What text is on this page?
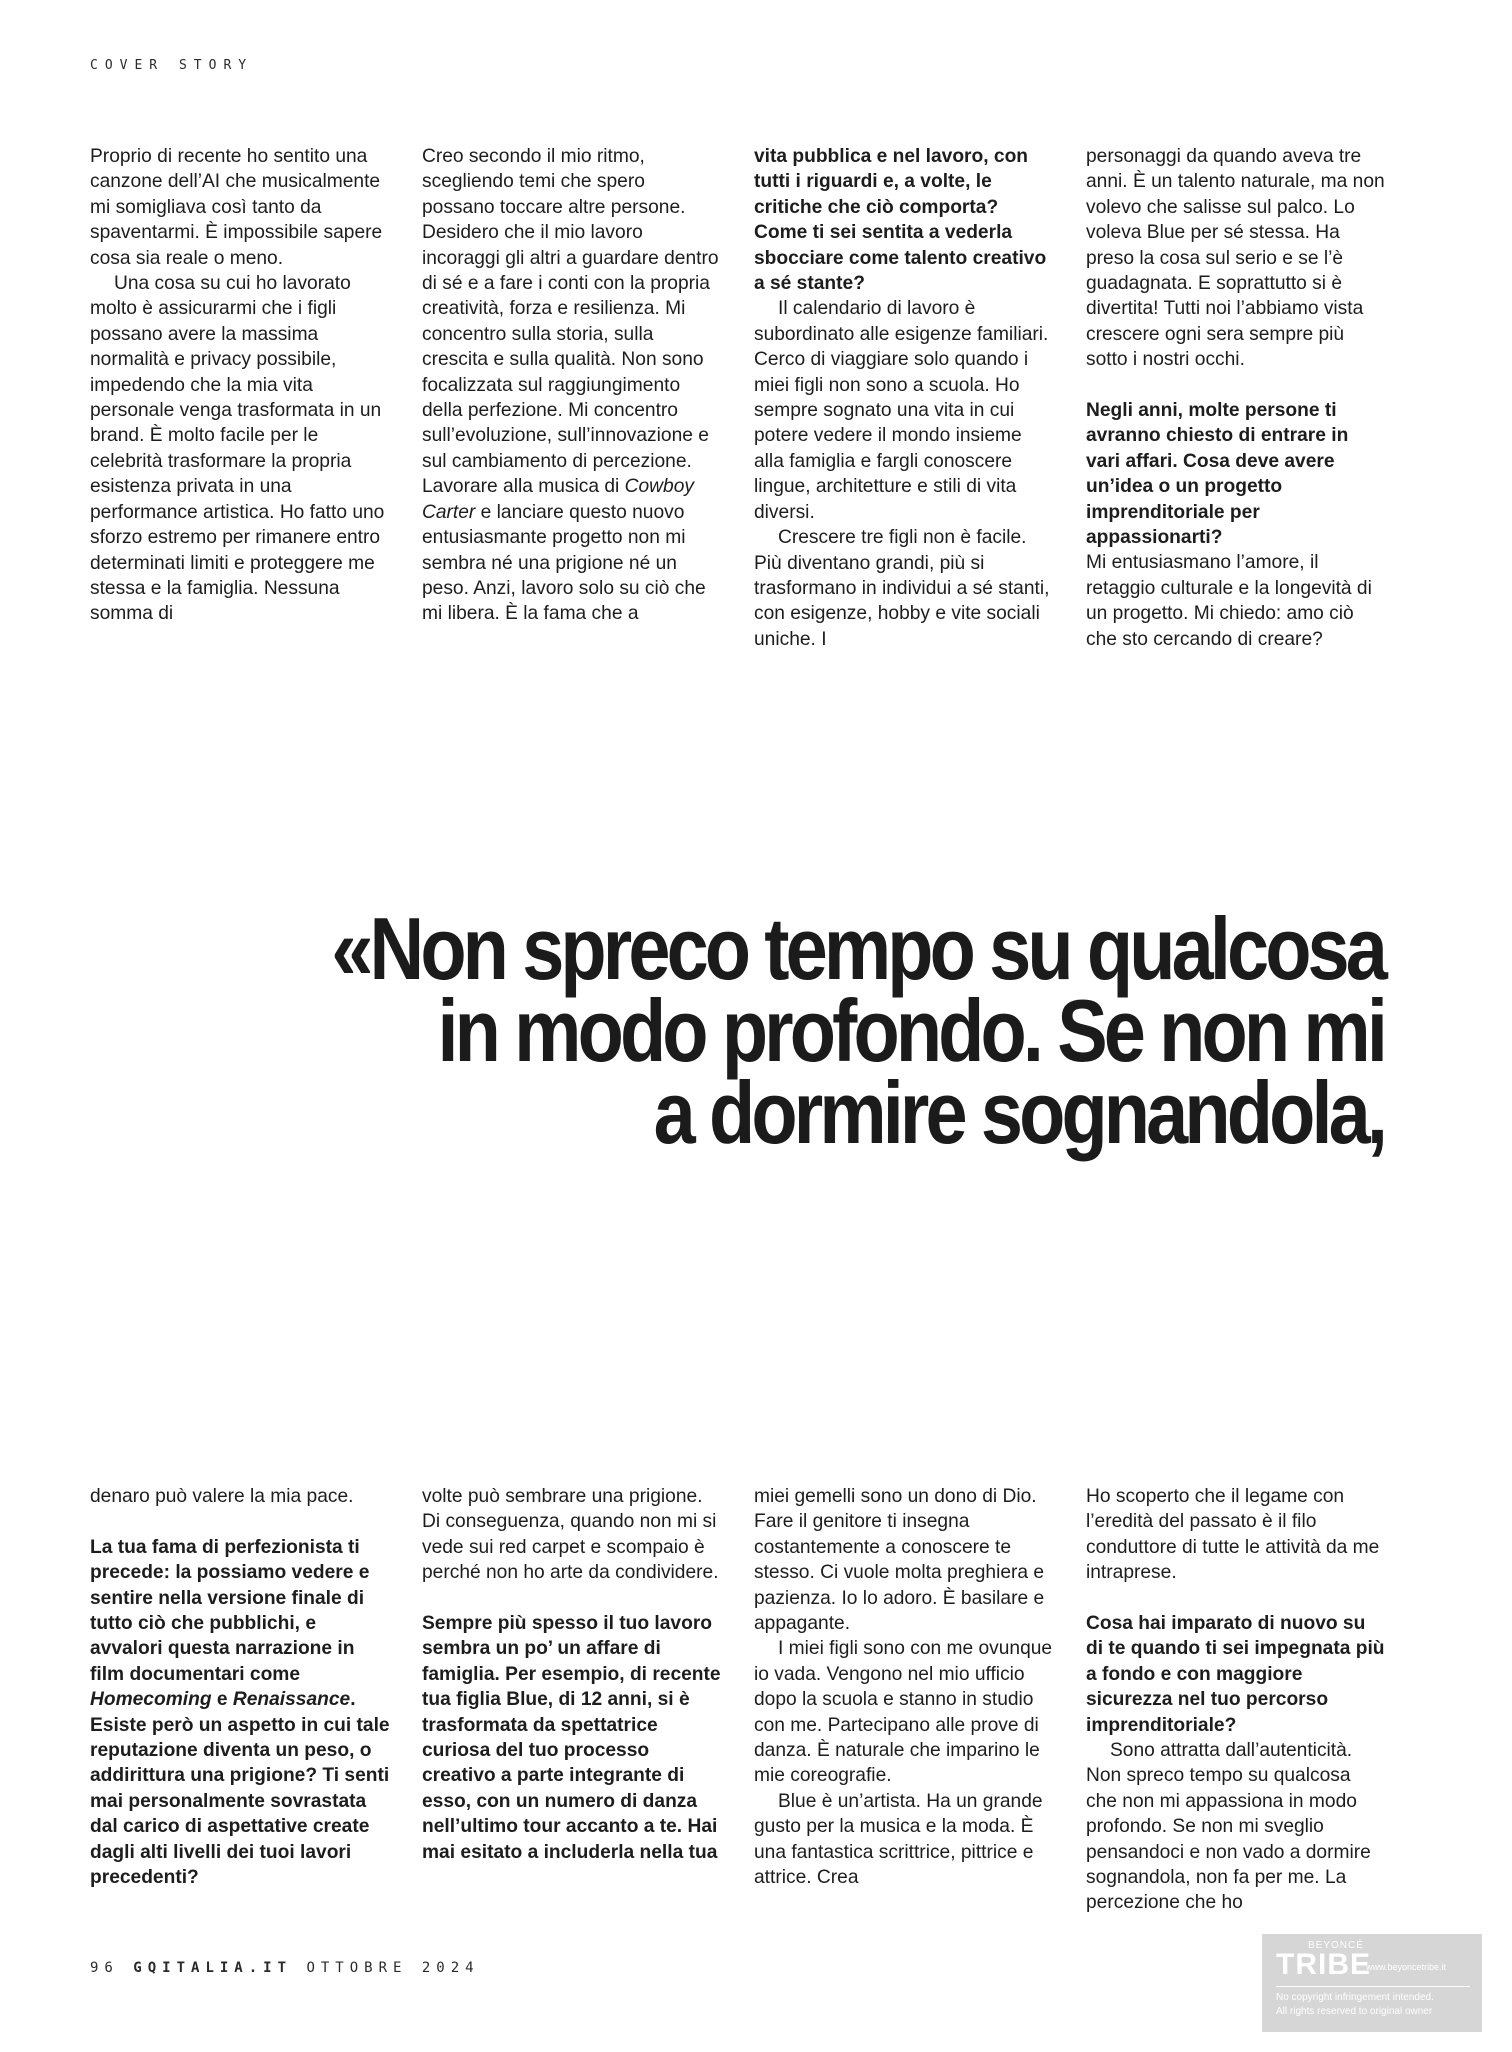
COVER STORY

Proprio di recente ho sentito una canzone dell’AI che musicalmente mi somigliava così tanto da spaventarmi. È impossibile sapere cosa sia reale o meno.

Una cosa su cui ho lavorato molto è assicurarmi che i figli possano avere la massima normalità e privacy possibile, impedendo che la mia vita personale venga trasformata in un brand. È molto facile per le celebrità trasformare la propria esistenza privata in una performance artistica. Ho fatto uno sforzo estremo per rimanere entro determinati limiti e proteggere me stessa e la famiglia. Nessuna somma di

Creo secondo il mio ritmo, scegliendo temi che spero possano toccare altre persone. Desidero che il mio lavoro incoraggi gli altri a guardare dentro di sé e a fare i conti con la propria creatività, forza e resilienza. Mi concentro sulla storia, sulla crescita e sulla qualità. Non sono focalizzata sul raggiungimento della perfezione. Mi concentro sull’evoluzione, sull’innovazione e sul cambiamento di percezione. Lavorare alla musica di Cowboy Carter e lanciare questo nuovo entusiasmante progetto non mi sembra né una prigione né un peso. Anzi, lavoro solo su ciò che mi libera. È la fama che a

vita pubblica e nel lavoro, con tutti i riguardi e, a volte, le critiche che ciò comporta? Come ti sei sentita a vederla sbocciare come talento creativo a sé stante?

Il calendario di lavoro è subordinato alle esigenze familiari. Cerco di viaggiare solo quando i miei figli non sono a scuola. Ho sempre sognato una vita in cui potere vedere il mondo insieme alla famiglia e fargli conoscere lingue, architetture e stili di vita diversi.

Crescere tre figli non è facile. Più diventano grandi, più si trasformano in individui a sé stanti, con esigenze, hobby e vite sociali uniche. I

personaggi da quando aveva tre anni. È un talento naturale, ma non volevo che salisse sul palco. Lo voleva Blue per sé stessa. Ha preso la cosa sul serio e se l’è guadagnata. E soprattutto si è divertita! Tutti noi l’abbiamo vista crescere ogni sera sempre più sotto i nostri occhi.

Negli anni, molte persone ti avranno chiesto di entrare in vari affari. Cosa deve avere un’idea o un progetto imprenditoriale per appassionarti?

Mi entusiasmano l’amore, il retaggio culturale e la longevità di un progetto. Mi chiedo: amo ciò che sto cercando di creare?

«Non spreco tempo su qualcosa
in modo profondo. Se non mi
a dormire sognandola,

denaro può valere la mia pace.

La tua fama di perfezionista ti precede: la possiamo vedere e sentire nella versione finale di tutto ciò che pubblichi, e avvalori questa narrazione in film documentari come Homecoming e Renaissance. Esiste però un aspetto in cui tale reputazione diventa un peso, o addirittura una prigione? Ti senti mai personalmente sovrastata dal carico di aspettative create dagli alti livelli dei tuoi lavori precedenti?

volte può sembrare una prigione. Di conseguenza, quando non mi si vede sui red carpet e scompaio è perché non ho arte da condividere.

Sempre più spesso il tuo lavoro sembra un po’ un affare di famiglia. Per esempio, di recente tua figlia Blue, di 12 anni, si è trasformata da spettatrice curiosa del tuo processo creativo a parte integrante di esso, con un numero di danza nell’ultimo tour accanto a te. Hai mai esitato a includerla nella tua

miei gemelli sono un dono di Dio. Fare il genitore ti insegna costantemente a conoscere te stesso. Ci vuole molta preghiera e pazienza. Io lo adoro. È basilare e appagante.

I miei figli sono con me ovunque io vada. Vengono nel mio ufficio dopo la scuola e stanno in studio con me. Partecipano alle prove di danza. È naturale che imparino le mie coreografie.

Blue è un’artista. Ha un grande gusto per la musica e la moda. È una fantastica scrittrice, pittrice e attrice. Crea

Ho scoperto che il legame con l’eredità del passato è il filo conduttore di tutte le attività da me intraprese.

Cosa hai imparato di nuovo su di te quando ti sei impegnata più a fondo e con maggiore sicurezza nel tuo percorso imprenditoriale?

Sono attratta dall’autenticità. Non spreco tempo su qualcosa che non mi appassiona in modo profondo. Se non mi sveglio pensandoci e non vado a dormire sognandola, non fa per me. La percezione che ho

96 GQITALIA.IT OTTOBRE 2024
BEYONCÉ
TRIBE
www.beyoncetribe.it
No copyright infringement intended.
All rights reserved to original owner
